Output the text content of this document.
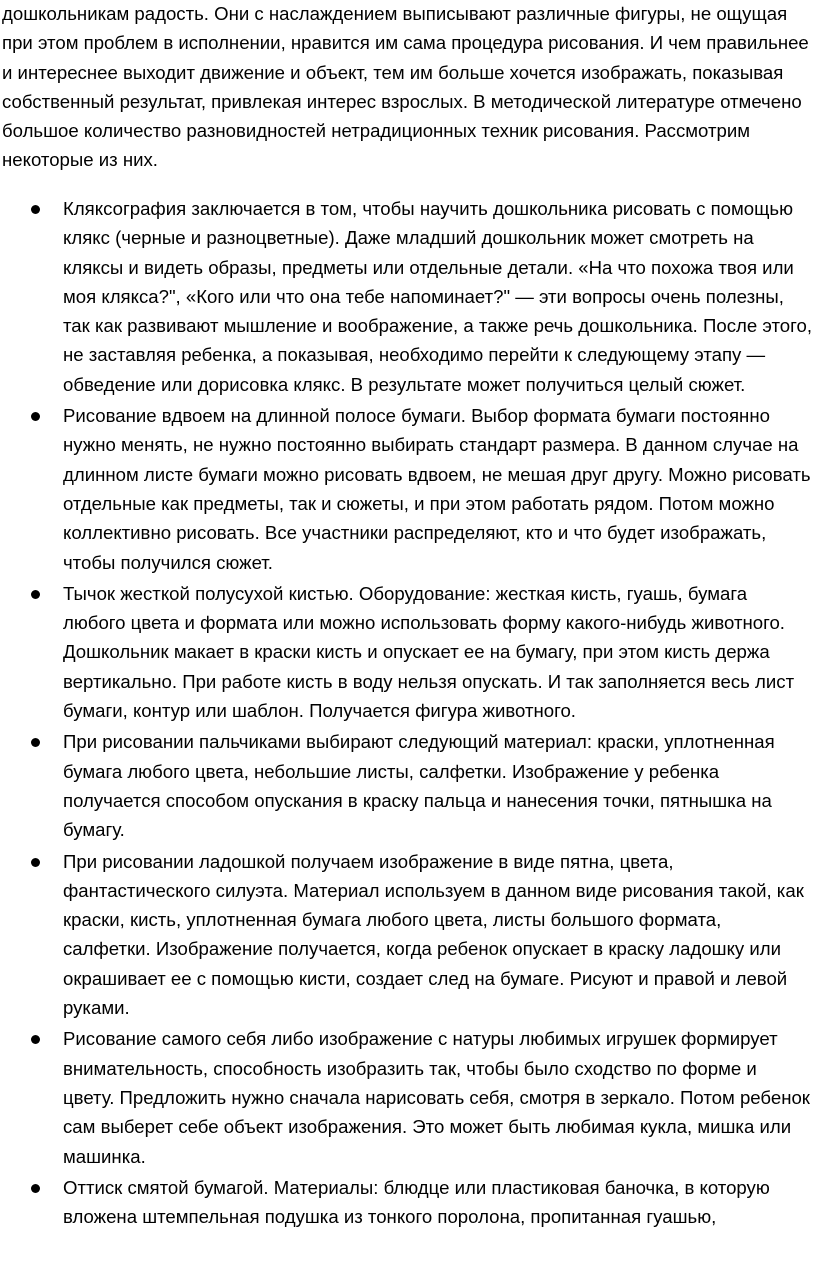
дошкольникам радость. Они с наслаждением выписывают различные фигуры, не ощущая при этом проблем в исполнении, нравится им сама процедура рисования. И чем правильнее и интереснее выходит движение и объект, тем им больше хочется изображать, показывая собственный результат, привлекая интерес взрослых. В методической литературе отмечено большое количество разновидностей нетрадиционных техник рисования. Рассмотрим некоторые из них.

Кляксография заключается в том, чтобы научить дошкольника рисовать с помощью клякс (черные и разноцветные). Даже младший дошкольник может смотреть на кляксы и видеть образы, предметы или отдельные детали. «На что похожа твоя или моя клякса?", «Кого или что она тебе напоминает?" — эти вопросы очень полезны, так как развивают мышление и воображение, а также речь дошкольника. После этого, не заставляя ребенка, а показывая, необходимо перейти к следующему этапу — обведение или дорисовка клякс. В результате может получиться целый сюжет.
Рисование вдвоем на длинной полосе бумаги. Выбор формата бумаги постоянно нужно менять, не нужно постоянно выбирать стандарт размера. В данном случае на длинном листе бумаги можно рисовать вдвоем, не мешая друг другу. Можно рисовать отдельные как предметы, так и сюжеты, и при этом работать рядом. Потом можно коллективно рисовать. Все участники распределяют, кто и что будет изображать, чтобы получился сюжет.
Тычок жесткой полусухой кистью. Оборудование: жесткая кисть, гуашь, бумага любого цвета и формата или можно использовать форму какого-нибудь животного. Дошкольник макает в краски кисть и опускает ее на бумагу, при этом кисть держа вертикально. При работе кисть в воду нельзя опускать. И так заполняется весь лист бумаги, контур или шаблон. Получается фигура животного.
При рисовании пальчиками выбирают следующий материал: краски, уплотненная бумага любого цвета, небольшие листы, салфетки. Изображение у ребенка получается способом опускания в краску пальца и нанесения точки, пятнышка на бумагу.
При рисовании ладошкой получаем изображение в виде пятна, цвета, фантастического силуэта. Материал используем в данном виде рисования такой, как краски, кисть, уплотненная бумага любого цвета, листы большого формата, салфетки. Изображение получается, когда ребенок опускает в краску ладошку или окрашивает ее с помощью кисти, создает след на бумаге. Рисуют и правой и левой руками.
Рисование самого себя либо изображение с натуры любимых игрушек формирует внимательность, способность изобразить так, чтобы было сходство по форме и цвету. Предложить нужно сначала нарисовать себя, смотря в зеркало. Потом ребенок сам выберет себе объект изображения. Это может быть любимая кукла, мишка или машинка.
Оттиск смятой бумагой. Материалы: блюдце или пластиковая баночка, в которую вложена штемпельная подушка из тонкого поролона, пропитанная гуашью,
